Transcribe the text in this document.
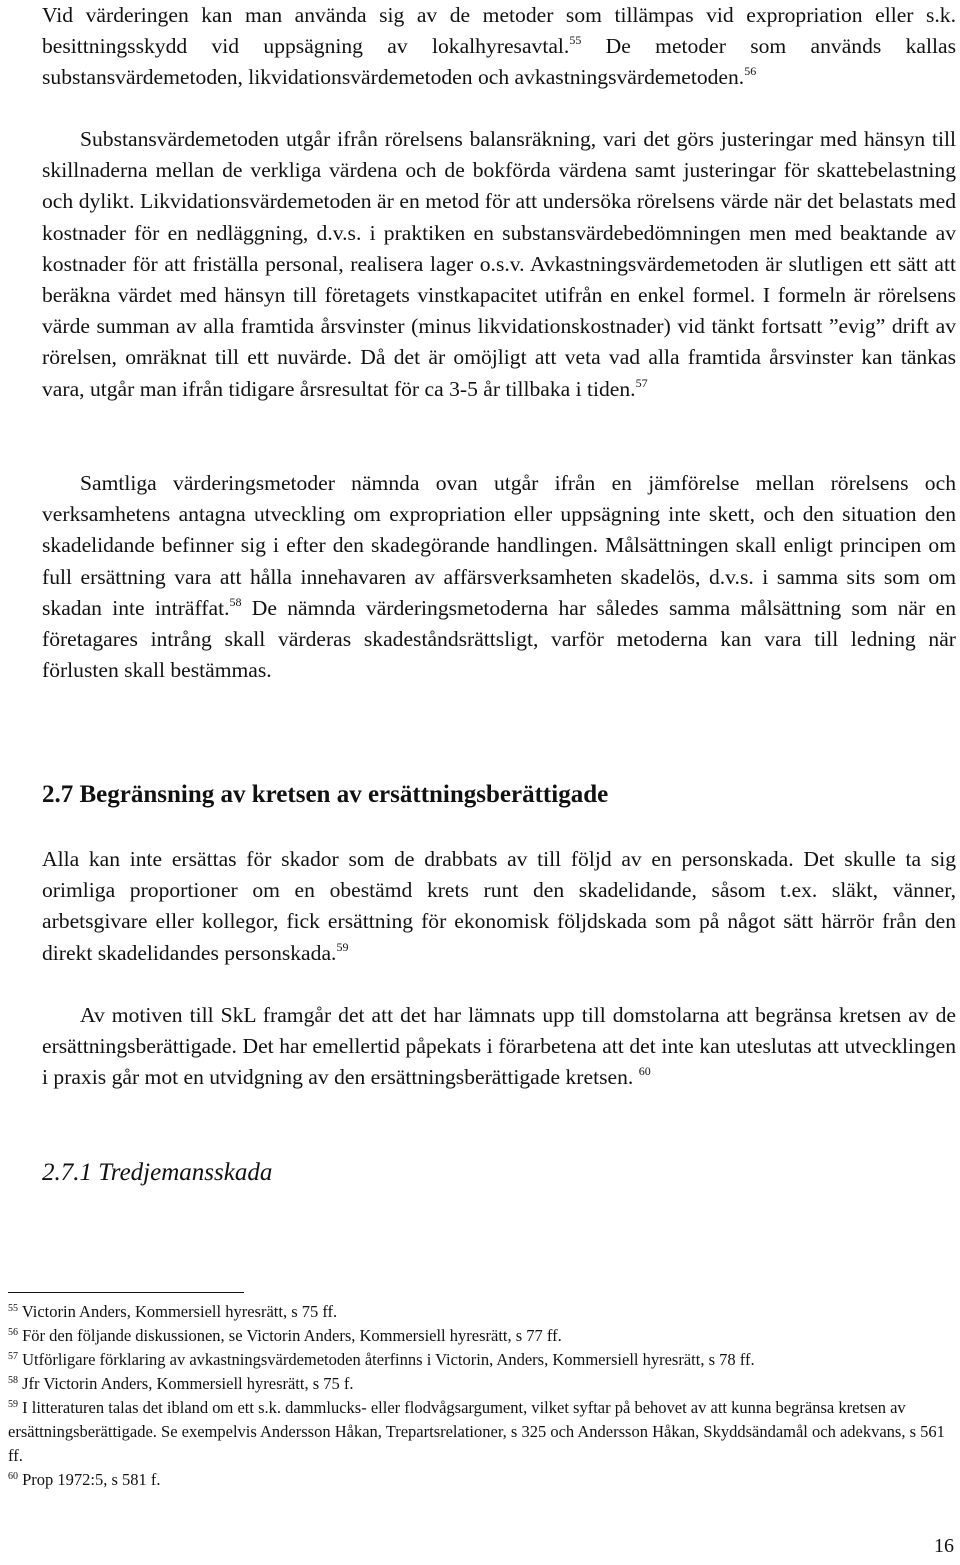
Vid värderingen kan man använda sig av de metoder som tillämpas vid expropriation eller s.k. besittningsskydd vid uppsägning av lokalhyresavtal.$^{55}$ De metoder som används kallas substansvärdemetoden, likvidationsvärdemetoden och avkastningsvärdemetoden.$^{56}$

Substansvärdemetoden utgår ifrån rörelsens balansräkning, vari det görs justeringar med hänsyn till skillnaderna mellan de verkliga värdena och de bokförda värdena samt justeringar för skattebelastning och dylikt. Likvidationsvärdemetoden är en metod för att undersöka rörelsens värde när det belastats med kostnader för en nedläggning, d.v.s. i praktiken en substansvärdebedömningen men med beaktande av kostnader för att friställa personal, realisera lager o.s.v. Avkastningsvärdemetoden är slutligen ett sätt att beräkna värdet med hänsyn till företagets vinstkapacitet utifrån en enkel formel. I formeln är rörelsens värde summan av alla framtida årsvinster (minus likvidationskostnader) vid tänkt fortsatt ”evig” drift av rörelsen, omräknat till ett nuvärde. Då det är omöjligt att veta vad alla framtida årsvinster kan tänkas vara, utgår man ifrån tidigare årsresultat för ca 3-5 år tillbaka i tiden.$^{57}$

Samtliga värderingsmetoder nämnda ovan utgår ifrån en jämförelse mellan rörelsens och verksamhetens antagna utveckling om expropriation eller uppsägning inte skett, och den situation den skadelidande befinner sig i efter den skadegörande handlingen. Målsättningen skall enligt principen om full ersättning vara att hålla innehavaren av affärsverksamheten skadelös, d.v.s. i samma sits som om skadan inte inträffat.$^{58}$ De nämnda värderingsmetoderna har således samma målsättning som när en företagares intrång skall värderas skadeståndsrättsligt, varför metoderna kan vara till ledning när förlusten skall bestämmas.

2.7 Begränsning av kretsen av ersättningsberättigade

Alla kan inte ersättas för skador som de drabbats av till följd av en personskada. Det skulle ta sig orimliga proportioner om en obestämd krets runt den skadelidande, såsom t.ex. släkt, vänner, arbetsgivare eller kollegor, fick ersättning för ekonomisk följdskada som på något sätt härrör från den direkt skadelidandes personskada.$^{59}$

Av motiven till SkL framgår det att det har lämnats upp till domstolarna att begränsa kretsen av de ersättningsberättigade. Det har emellertid påpekats i förarbetena att det inte kan uteslutas att utvecklingen i praxis går mot en utvidgning av den ersättningsberättigade kretsen. $^{60}$

2.7.1 Tredjemansskada

$^{55}$ Victorin Anders, Kommersiell hyresrätt, s 75 ff.

$^{56}$ För den följande diskussionen, se Victorin Anders, Kommersiell hyresrätt, s 77 ff.

$^{57}$ Utförligare förklaring av avkastningsvärdemetoden återfinns i Victorin, Anders, Kommersiell hyresrätt, s 78 ff.

$^{58}$ Jfr Victorin Anders, Kommersiell hyresrätt, s 75 f.

$^{59}$ I litteraturen talas det ibland om ett s.k. dammlucks- eller flodvågsargument, vilket syftar på behovet av att kunna begränsa kretsen av ersättningsberättigade. Se exempelvis Andersson Håkan, Trepartsrelationer, s 325 och Andersson Håkan, Skyddsändamål och adekvans, s 561 ff.

$^{60}$ Prop 1972:5, s 581 f.

16
